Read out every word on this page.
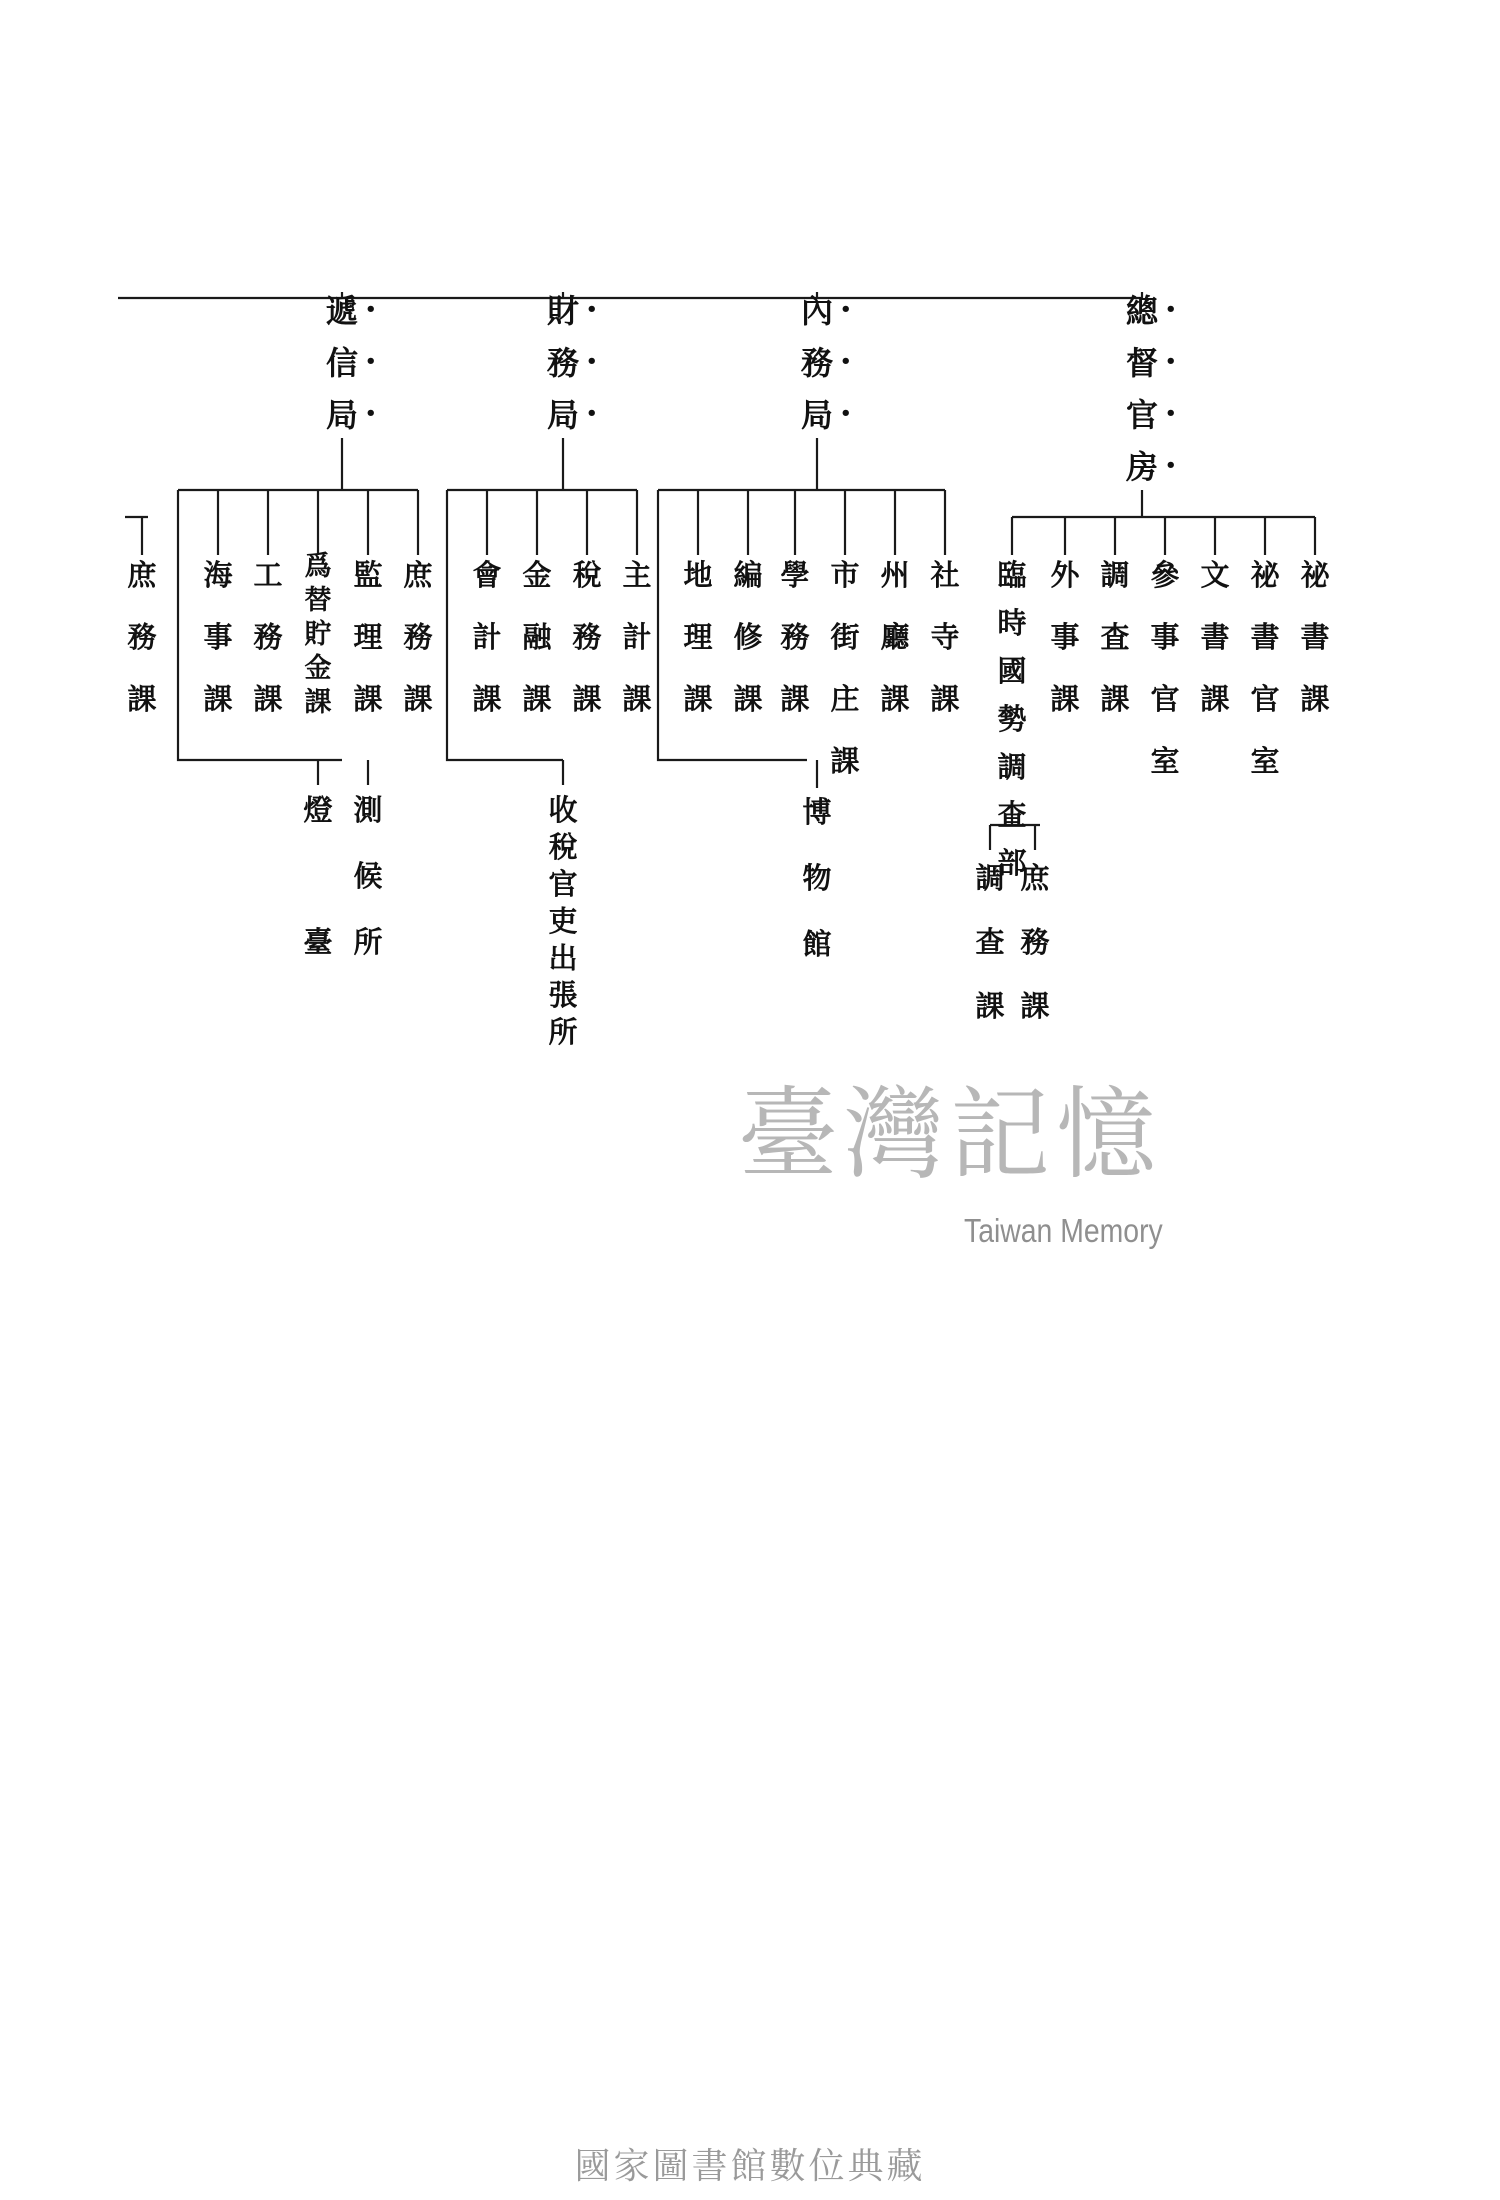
總 •
督 •
官 •
房 •
祕
書
課
祕
書
官
室
文
書
課
參
事
官
室
調
査
課
外
事
課
臨
時
國
勢
調
查
部
內 •
務 •
局 •
社
寺
課
州
廳
課
市
街
庄
課
學
務
課
編
修
課
地
理
課
財 •
務 •
局 •
主
計
課
稅
務
課
金
融
課
會
計
課
遞 •
信 •
局 •
庶
務
課
監
理
課
爲
替
貯
金
課
工
務
課
海
事
課
庶
務
課
庶
務
課
調
查
課
博
物
館
收
稅
官
吏
出
張
所
測
候
所
燈
臺
臺灣記憶
Taiwan Memory
國家圖書館數位典藏
